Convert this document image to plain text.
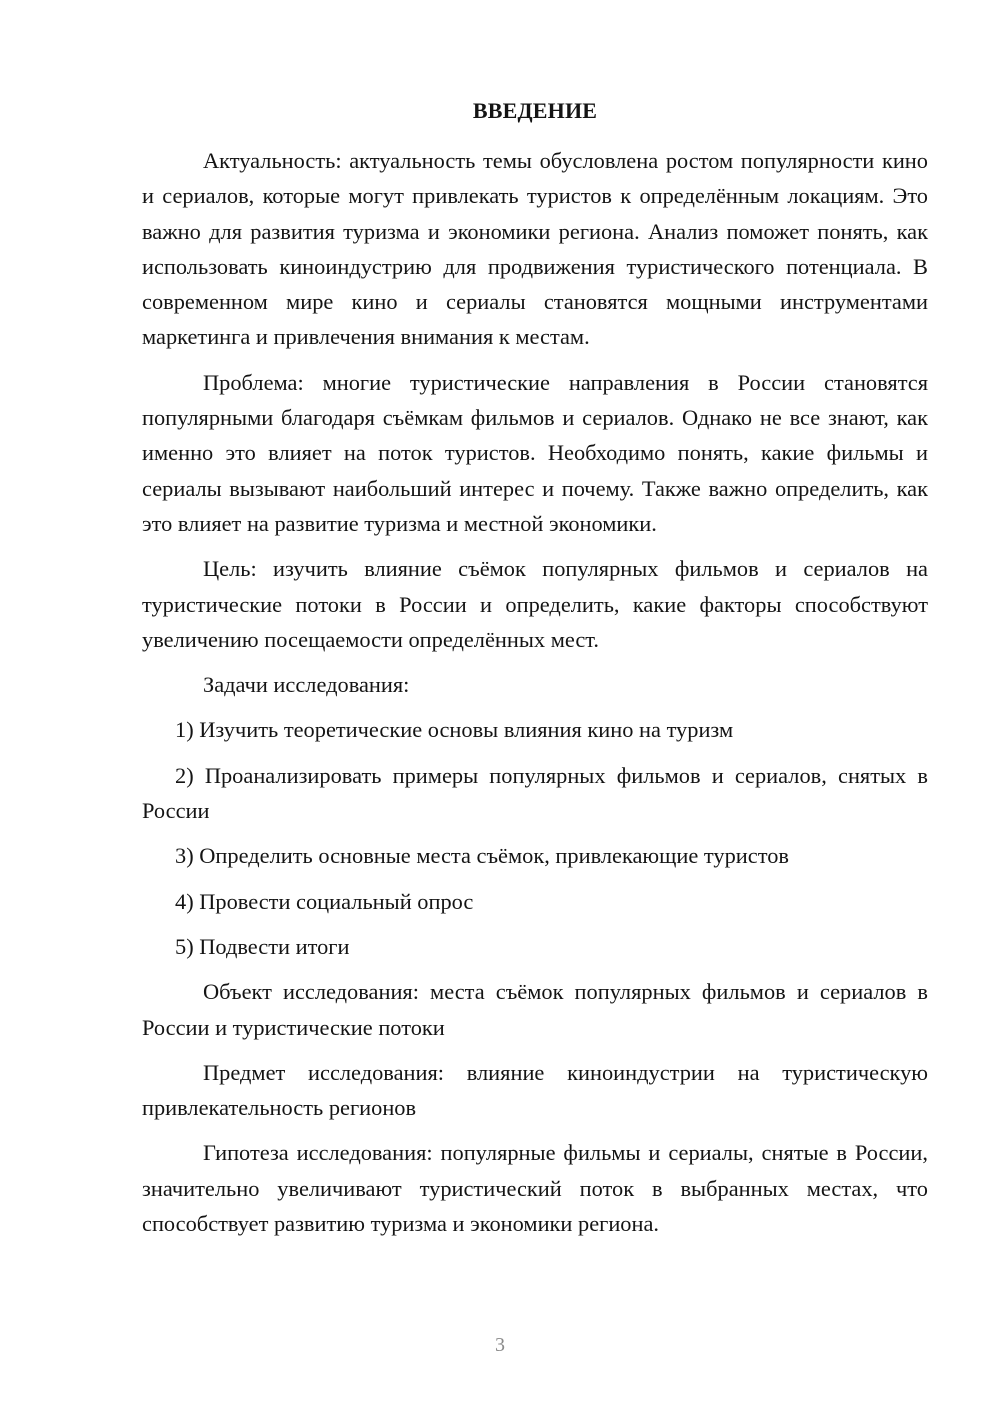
ВВЕДЕНИЕ

Актуальность: актуальность темы обусловлена ростом популярности кино и сериалов, которые могут привлекать туристов к определённым локациям. Это важно для развития туризма и экономики региона. Анализ поможет понять, как использовать киноиндустрию для продвижения туристического потенциала. В современном мире кино и сериалы становятся мощными инструментами маркетинга и привлечения внимания к местам.

Проблема: многие туристические направления в России становятся популярными благодаря съёмкам фильмов и сериалов. Однако не все знают, как именно это влияет на поток туристов. Необходимо понять, какие фильмы и сериалы вызывают наибольший интерес и почему. Также важно определить, как это влияет на развитие туризма и местной экономики.

Цель: изучить влияние съёмок популярных фильмов и сериалов на туристические потоки в России и определить, какие факторы способствуют увеличению посещаемости определённых мест.

Задачи исследования:

1) Изучить теоретические основы влияния кино на туризм

2) Проанализировать примеры популярных фильмов и сериалов, снятых в России

3) Определить основные места съёмок, привлекающие туристов

4) Провести социальный опрос

5) Подвести итоги

Объект исследования: места съёмок популярных фильмов и сериалов в России и туристические потоки

Предмет исследования: влияние киноиндустрии на туристическую привлекательность регионов

Гипотеза исследования: популярные фильмы и сериалы, снятые в России, значительно увеличивают туристический поток в выбранных местах, что способствует развитию туризма и экономики региона.

3
